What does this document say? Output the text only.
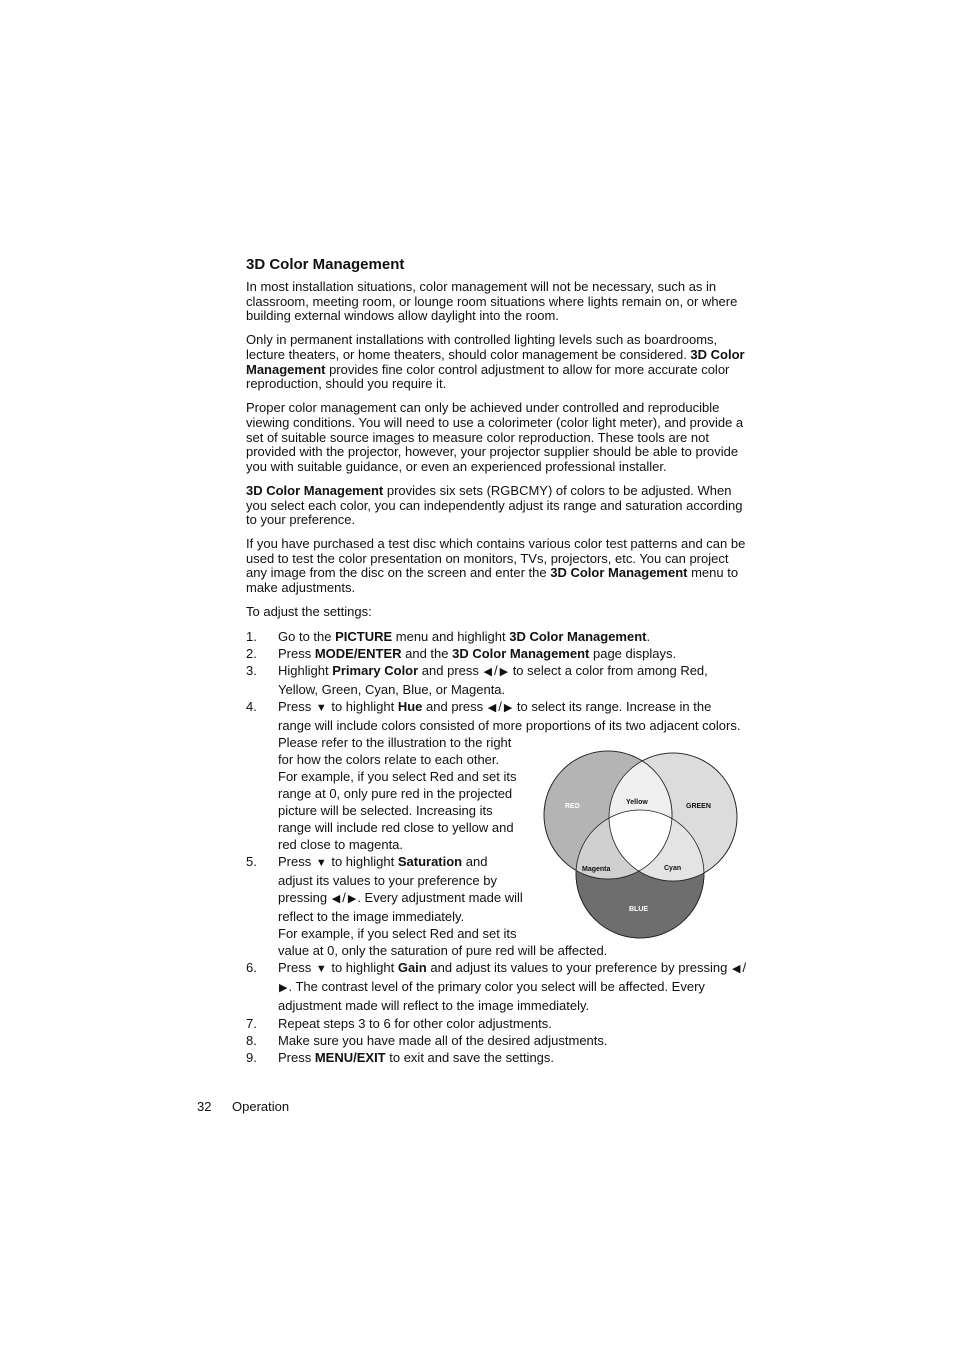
3D Color Management

In most installation situations, color management will not be necessary, such as in classroom, meeting room, or lounge room situations where lights remain on, or where building external windows allow daylight into the room.

Only in permanent installations with controlled lighting levels such as boardrooms, lecture theaters, or home theaters, should color management be considered. 3D Color Management provides fine color control adjustment to allow for more accurate color reproduction, should you require it.

Proper color management can only be achieved under controlled and reproducible viewing conditions. You will need to use a colorimeter (color light meter), and provide a set of suitable source images to measure color reproduction. These tools are not provided with the projector, however, your projector supplier should be able to provide you with suitable guidance, or even an experienced professional installer.

3D Color Management provides six sets (RGBCMY) of colors to be adjusted. When you select each color, you can independently adjust its range and saturation according to your preference.

If you have purchased a test disc which contains various color test patterns and can be used to test the color presentation on monitors, TVs, projectors, etc. You can project any image from the disc on the screen and enter the 3D Color Management menu to make adjustments.

To adjust the settings:

1. Go to the PICTURE menu and highlight 3D Color Management.
2. Press MODE/ENTER and the 3D Color Management page displays.
3. Highlight Primary Color and press ◀ / ▶ to select a color from among Red, Yellow, Green, Cyan, Blue, or Magenta.
4. Press ▼ to highlight Hue and press ◀ / ▶ to select its range. Increase in the range will include colors consisted of more proportions of its two adjacent colors.
Please refer to the illustration to the right for how the colors relate to each other.
For example, if you select Red and set its range at 0, only pure red in the projected picture will be selected. Increasing its range will include red close to yellow and red close to magenta.
5. Press ▼ to highlight Saturation and adjust its values to your preference by pressing ◀ / ▶. Every adjustment made will reflect to the image immediately.
For example, if you select Red and set its
value at 0, only the saturation of pure red will be affected.
6. Press ▼ to highlight Gain and adjust its values to your preference by pressing ◀ /▶. The contrast level of the primary color you select will be affected. Every adjustment made will reflect to the image immediately.
7. Repeat steps 3 to 6 for other color adjustments.
8. Make sure you have made all of the desired adjustments.
9. Press MENU/EXIT to exit and save the settings.
RED
Yellow
GREEN
Magenta	Cyan
BLUE
32 Operation
